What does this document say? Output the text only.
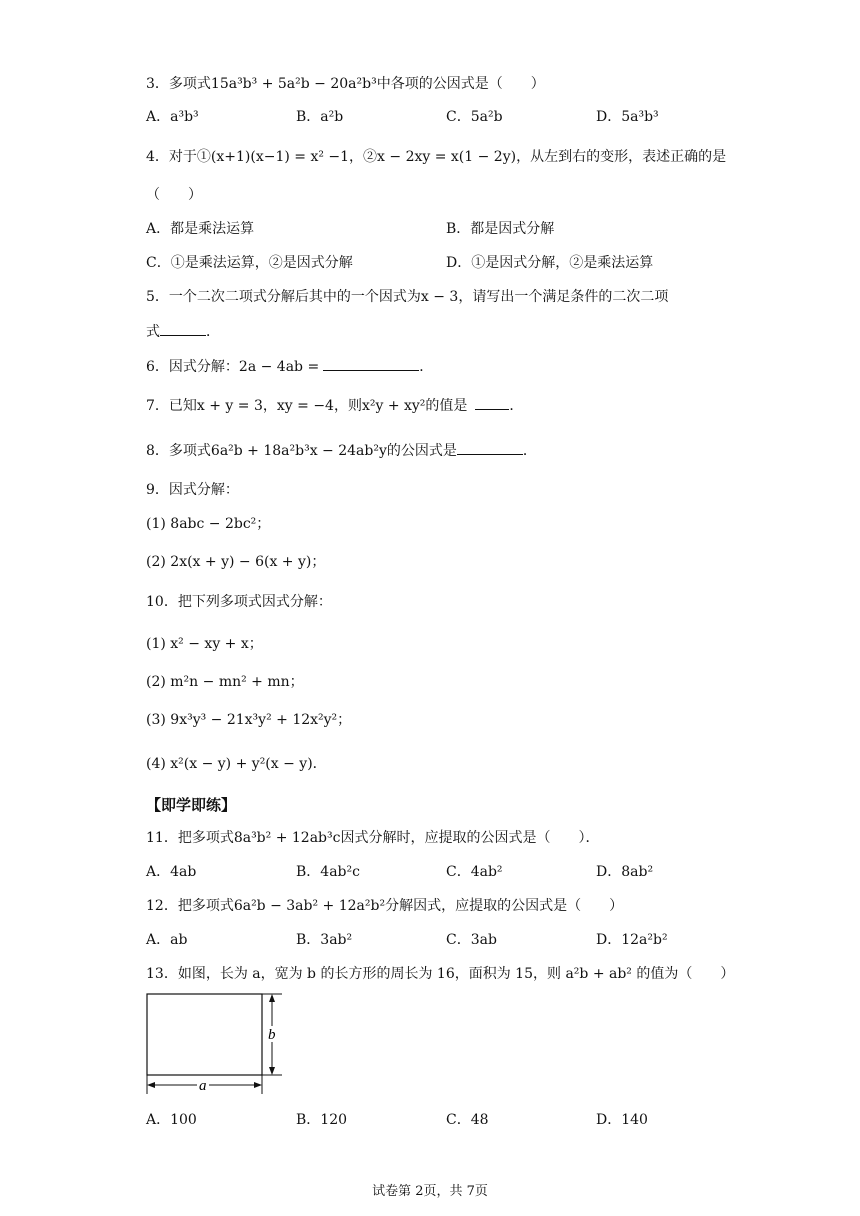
3．多项式15a³b³ + 5a²b − 20a²b³中各项的公因式是（　　）
A．a³b³	B．a²b	C．5a²b	D．5a³b³
4．对于①(x+1)(x−1) = x² −1，②x − 2xy = x(1 − 2y)，从左到右的变形，表述正确的是
（　　）
A．都是乘法运算	B．都是因式分解
C．①是乘法运算，②是因式分解	D．①是因式分解，②是乘法运算
5．一个二次二项式分解后其中的一个因式为x − 3，请写出一个满足条件的二次二项
式	．
6．因式分解：2a − 4ab =	．
7．已知x + y = 3，xy = −4，则x²y + xy²的值是	．
8．多项式6a²b + 18a²b³x − 24ab²y的公因式是	．
9．因式分解：
(1) 8abc − 2bc²；
(2) 2x(x + y) − 6(x + y)；
10．把下列多项式因式分解：
(1) x² − xy + x；
(2) m²n − mn² + mn；
(3) 9x³y³ − 21x³y² + 12x²y²；
(4) x²(x − y) + y²(x − y)．
【即学即练】
11．把多项式8a³b² + 12ab³c因式分解时，应提取的公因式是（　　）．
A．4ab	B．4ab²c	C．4ab²	D．8ab²
12．把多项式6a²b − 3ab² + 12a²b²分解因式，应提取的公因式是（　　）
A．ab	B．3ab²	C．3ab	D．12a²b²
13．如图，长为 a，宽为 b 的长方形的周长为 16，面积为 15，则 a²b + ab² 的值为（　　）
b
a
A．100	B．120	C．48	D．140
试卷第 2页，共 7页
